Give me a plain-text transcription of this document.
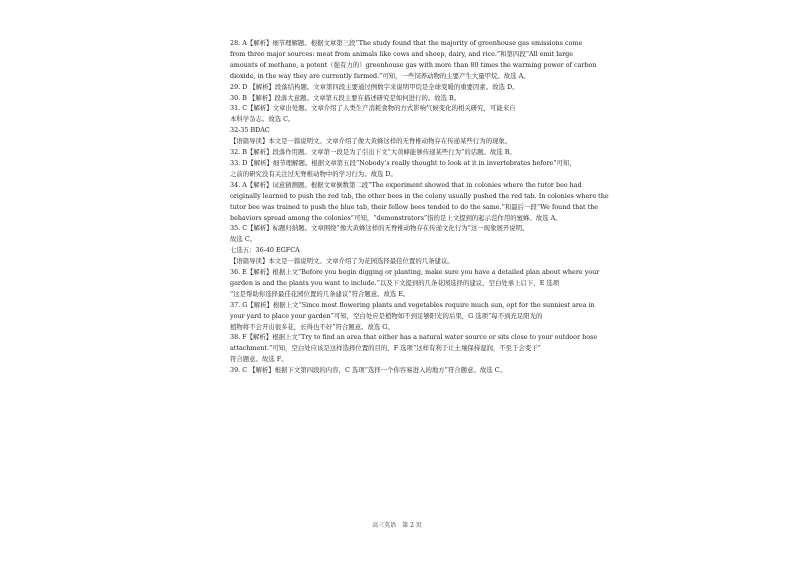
28. A【解析】细节理解题。根据文章第三段“The study found that the majority of greenhouse gas emissions come
from three major sources: meat from animals like cows and sheep, dairy, and rice.”和第四段“All emit large
amounts of methane, a potent（强有力的）greenhouse gas with more than 80 times the warming power of carbon
dioxide, in the way they are currently farmed.”可知，一些饲养动物的主要产生大量甲烷。故选 A。
29. D 【解析】段落结构题。文章第四段主要通过例数字来说明甲烷是全球变暖的重要因素。故选 D。
30. B 【解析】段落大意题。文章第五段主要在描述研究是如何进行的。故选 B。
31. C【解析】文章出处题。文章介绍了人类生产消耗食物的方式影响气候变化的相关研究，可能来自
本科学杂志。故选 C。
32-35 BDAC
【语篇导读】本文是一篇说明文。文章介绍了像大黄蜂这样的无脊椎动物存在传递某些行为的现象。
32. B【解析】段落作用题。文章第一段是为了引出下文“大黄蜂能够传递某些行为”的话题。故选 B。
33. D【解析】细节理解题。根据文章第五段“Nobody’s really thought to look at it in invertebrates before”可知，
之前的研究没有关注过无脊椎动物中的学习行为。故选 D。
34. A【解析】词意猜测题。根据文章倒数第二段“The experiment showed that in colonies where the tutor bee had
originally learned to push the red tab, the other bees in the colony usually pushed the red tab. In colonies where the
tutor bee was trained to push the blue tab, their fellow bees tended to do the same.”和最后一段“We found that the
behaviors spread among the colonies”可知，“demonstrators”指的是上文提到的起示范作用的蜜蜂。故选 A。
35. C【解析】标题归纳题。文章围绕“像大黄蜂这样的无脊椎动物存在传递文化行为”这一现象展开说明。
故选 C。
七选五：36-40 EGFCA
【语篇导读】本文是一篇说明文。文章介绍了为花园选择最佳位置的几条建议。
36. E【解析】根据上文“Before you begin digging or planting, make sure you have a detailed plan about where your
garden is and the plants you want to include.”以及下文提到的几条花园选择的建议，空白处承上启下，E 选项
“这是帮助你选择最佳花园位置的几条建议”符合题意。故选 E。
37. G【解析】根据上文“Since most flowering plants and vegetables require much sun, opt for the sunniest area in
your yard to place your garden”可知，空白处应是植物如不到足够阳光的后果，G 选项“每不到充足阳光的
植物将不会开出很多花，长得也不好”符合题意。故选 G。
38. F【解析】根据上文“Try to find an area that either has a natural water source or sits close to your outdoor hose
attachment.”可知，空白处应该是这样选择位置的目的，F 选项“这样有利于让土壤保持湿润，不至于会变干”
符合题意。故选 F。
39. C 【解析】根据下文第四段的内容，C 选项“选择一个你容易进入的地方”符合题意。故选 C。
高三英语　第 2 页
